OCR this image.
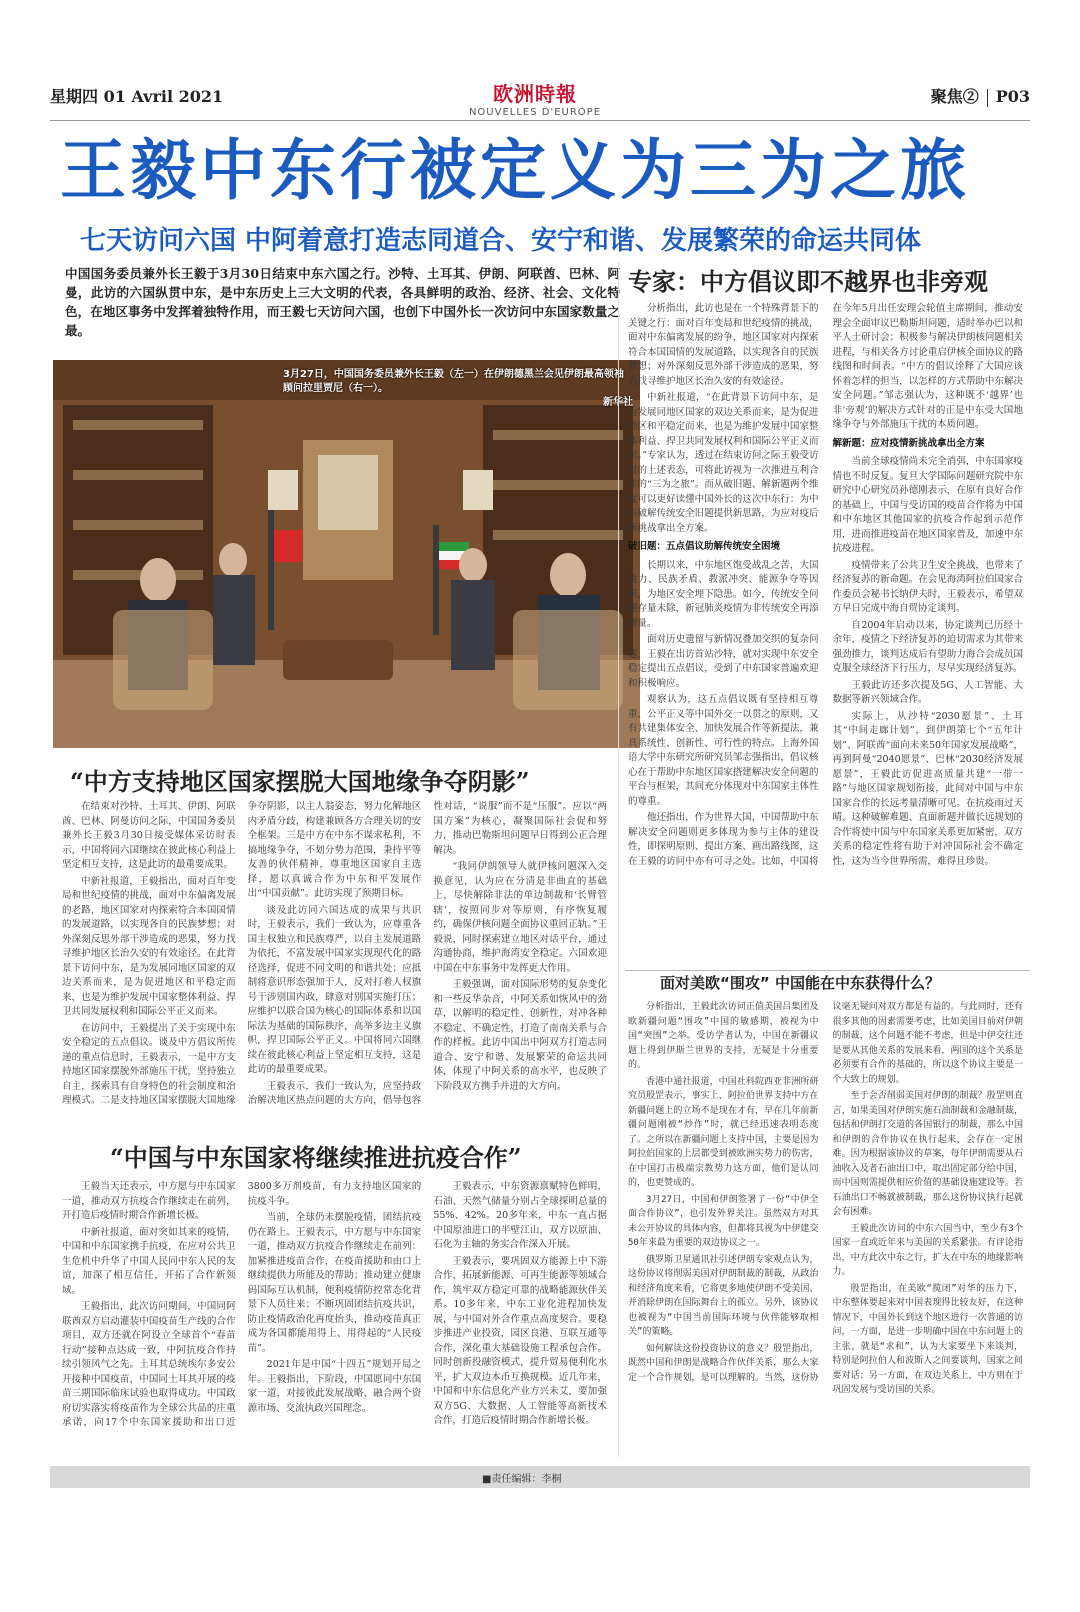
星期四 01 Avril 2021	欧洲時報
NOUVELLES D'EUROPE
聚焦② P03
王毅中东行被定义为三为之旅
七天访问六国 中阿着意打造志同道合、安宁和谐、发展繁荣的命运共同体
中国国务委员兼外长王毅于3月30日结束中东六国之行。沙特、土耳其、伊朗、阿联酋、巴林、阿曼，此访的六国纵贯中东，是中东历史上三大文明的代表，各具鲜明的政治、经济、社会、文化特色，在地区事务中发挥着独特作用，而王毅七天访问六国，也创下中国外长一次访问中东国家数量之最。
3月27日，中国国务委员兼外长王毅（左一）在伊朗德黑兰会见伊朗最高领袖顾问拉里贾尼（右一）。
新华社
“中方支持地区国家摆脱大国地缘争夺阴影”

在结束对沙特、土耳其、伊朗、阿联酋、巴林、阿曼访问之际，中国国务委员兼外长王毅3月30日接受媒体采访时表示，中国将同六国继续在彼此核心利益上坚定相互支持，这是此访的最重要成果。

中新社报道，王毅指出，面对百年变局和世纪疫情的挑战，面对中东偏离发展的老路，地区国家对内探索符合本国国情的发展道路，以实现各自的民族梦想；对外深刻反思外部干涉造成的恶果，努力找寻维护地区长治久安的有效途径。在此背景下访问中东，是为发展同地区国家的双边关系而来，是为促进地区和平稳定而来，也是为维护发展中国家整体利益、捍卫共同发展权利和国际公平正义而来。

在访问中，王毅提出了关于实现中东安全稳定的五点倡议。谈及中方倡议所传递的重点信息时，王毅表示，一是中方支持地区国家摆脱外部施压干扰，坚持独立自主，探索具有自身特色的社会制度和治理模式。二是支持地区国家摆脱大国地缘争夺阴影，以主人翁姿态，努力化解地区内矛盾分歧，构建兼顾各方合理关切的安全框架。三是中方在中东不谋求私利，不搞地缘争夺，不划分势力范围，秉持平等友善的伙伴精神，尊重地区国家自主选择，愿以真诚合作为中东和平发展作出“中国贡献”。此访实现了预期目标。

谈及此访同六国达成的成果与共识时，王毅表示，我们一致认为，应尊重各国主权独立和民族尊严，以自主发展道路为依托，不富发展中国家实现现代化的路径选择，促进不同文明的和谐共处；应抵制将意识形态强加于人，反对打着人权旗号干涉别国内政，肆意对别国实施打压；应维护以联合国为核心的国际体系和以国际法为基础的国际秩序，高举多边主义旗帜，捍卫国际公平正义。中国将同六国继续在彼此核心利益上坚定相互支持，这是此访的最重要成果。

王毅表示，我们一致认为，应坚持政治解决地区热点问题的大方向，倡导包容性对话，“说服”而不是“压服”。应以“两国方案”为核心，凝聚国际社会促和努力，推动巴勒斯坦问题早日得到公正合理解决。

“我同伊朗领导人就伊核问题深入交换意见，认为应在分清是非曲直的基础上，尽快解除非法的单边制裁和‘长臂管辖’，按照同步对等原则，有序恢复履约，确保伊核问题全面协议重回正轨。”王毅说，同时探索建立地区对话平台，通过沟通协商，维护海湾安全稳定。六国欢迎中国在中东事务中发挥更大作用。

王毅强调，面对国际形势的复杂变化和一些反华杂音，中阿关系如恢风中的劲草，以解明的稳定性、创新性，对冲各种不稳定、不确定性，打造了南南关系与合作的样板。此访中国出中阿双方打造志同道合、安宁和谐、发展繁荣的命运共同体，体现了中阿关系的高水平，也反映了下阶段双方携手并进的大方向。

“中国与中东国家将继续推进抗疫合作”

王毅当天还表示，中方愿与中东国家一道，推动双方抗疫合作继续走在前列，开打造后疫情时期合作新增长极。

中新社报道，面对突如其来的疫情，中国和中东国家携手抗疫，在应对公共卫生危机中升华了中国人民同中东人民的友谊，加深了相互信任，开拓了合作新领域。

王毅指出，此次访问期间，中国同阿联酋双方启动灌装中国疫苗生产线的合作项目，双方还就在阿设立全球首个“春苗行动”接种点达成一致，中阿抗疫合作持续引领风气之先。土耳其总统埃尔多安公开接种中国疫苗，中国同土耳其开展的疫苗三期国际临床试验也取得成功。中国政府切实落实将疫苗作为全球公共品的庄重承诺，向17个中东国家援助和出口近3800多万剂疫苗，有力支持地区国家的抗疫斗争。

当前，全球仍未摆脱疫情，团结抗疫仍在路上。王毅表示，中方愿与中东国家一道，推动双方抗疫合作继续走在前列：加紧推进疫苗合作，在疫苗援助和由口上继续提供力所能及的帮助；推动建立健康码国际互认机制，便利疫情防控常态化背景下人员往来；不断巩固团结抗疫共识，防止疫情政治化再度抬头，推动疫苗真正成为各国都能用得上、用得起的“人民疫苗”。

2021年是中国“十四五”规划开局之年。王毅指出，下阶段，中国愿同中东国家一道，对接彼此发展战略、融合两个资源市场、交流执政兴国理念。

王毅表示，中东资源禀赋特色鲜明，石油、天然气储量分别占全球探明总量的55%、42%。20多年来，中东一直占据中国原油进口的半壁江山，双方以原油、石化为主轴的务实合作深入开展。

王毅表示，要巩固双方能源上中下游合作，拓展新能源、可再生能源等领域合作，筑牢双方稳定可靠的战略能源伙伴关系。10多年来，中东工业化进程加快发展，与中国对外合作重点高度契合。要稳步推进产业投资，园区良港、互联互通等合作，深化重大基础设施工程承包合作。同时创新投融资模式，提升贸易便利化水平，扩大双边本币互换规模。近几年来，中国和中东信息化产业方兴未艾，要加强双方5G、大数据、人工智能等高新技术合作，打造后疫情时期合作新增长极。

专家：中方倡议即不越界也非旁观

分析指出，此访也是在一个特殊背景下的关键之行：面对百年变局和世纪疫情的挑战，面对中东偏离发展的纷争，地区国家对内探索符合本国国情的发展道路，以实现各自的民族梦想；对外深刻反思外部干涉造成的恶果，努力找寻维护地区长治久安的有效途径。

中新社报道，“在此背景下访问中东，是为发展同地区国家的双边关系而来，是为促进地区和平稳定而来，也是为维护发展中国家整体利益、捍卫共同发展权利和国际公平正义而来。”专家认为，透过在结束访问之际王毅受访时的上述表态，可将此访视为一次推进互利合作的“三为之旅”。而从破旧题、解新题两个维度可以更好读懂中国外长的这次中东行：为中东破解传统安全旧题提供新思路，为应对疫后新挑战拿出全方案。

破旧题：五点倡议助解传统安全困境

长期以来，中东地区饱受战乱之苦，大国角力、民族矛盾、教派冲突、能源争夺等因素，为地区安全埋下隐患。如今，传统安全问题存量未除，新冠肺炎疫情为非传统安全再添增量。

面对历史遗留与新情况叠加交织的复杂问题，王毅在出访首站沙特，就对实现中东安全稳定提出五点倡议，受到了中东国家普遍欢迎和积极响应。

观察认为，这五点倡议既有坚持相互尊重、公平正义等中国外交一以贯之的原则，又有共建集体安全、加快发展合作等新提法，兼具系统性、创新性、可行性的特点。上海外国语大学中东研究所研究员邹志强指出，倡议核心在于帮助中东地区国家搭建解决安全问题的平台与框架，其间充分体现对中东国家主体性的尊重。

他还指出，作为世界大国，中国帮助中东解决安全问题则更多体现为参与主体的建设性，即探明原则、提出方案、画出路线图，这在王毅的访问中亦有可寻之处。比如，中国将在今年5月出任安理会轮值主席期间，推动安理会全面审议巴勒斯坦问题，适时举办巴以和平人士研讨会；积极参与解决伊朗核问题相关进程，与相关各方讨论重启伊核全面协议的路线图和时间表。“中方的倡议诠释了大国应该怀着怎样的担当，以怎样的方式帮助中东解决安全问题。”邹志强认为，这种既不‘越界’也非‘旁观’的解决方式针对的正是中东受大国地缘争夺与外部施压干扰的本质问题。

解新题：应对疫情新挑战拿出全方案

当前全球疫情尚未完全消弭，中东国家疫情也不时反复。复旦大学国际问题研究院中东研究中心研究员孙德刚表示，在原有良好合作的基础上，中国与受访国的疫苗合作将为中国和中东地区其他国家的抗疫合作起到示范作用，进而推进疫苗在地区国家普及，加速中东抗疫进程。

疫情带来了公共卫生安全挑战，也带来了经济复苏的新命题。在会见海湾阿拉伯国家合作委员会秘书长纳伊夫时，王毅表示，希望双方早日完成中海自贸协定谈判。

自2004年启动以来，协定谈判已历经十余年，疫情之下经济复苏的迫切需求为其带来强劲推力，谈判达成后有望助力海合会成员国克服全球经济下行压力，尽早实现经济复苏。

王毅此访还多次提及5G、人工智能、大数据等新兴领域合作。

实际上，从沙特“2030愿景”、土耳其“中间走廊计划”，到伊朗第七个“五年计划”、阿联酋“面向未来50年国家发展战略”，再到阿曼“2040愿景”、巴林“2030经济发展愿景”，王毅此访促进高质量共建“一带一路”与地区国家规划衔接，此间对中国与中东国家合作的长远考量清晰可见。在抗疫雨过天晴、这种破解难题、直面新题并做长远规划的合作将使中国与中东国家关系更加紧密，双方关系的稳定性将有助于对冲国际社会不确定性，这为当今世界所需，难得且珍贵。

面对美欧“围攻” 中国能在中东获得什么？

分析指出，王毅此次访问正值美国吕集团及欧新疆问题“围攻”中国的敏感期，被视为中国“突围”之举。受访学者认为，中国在新疆议题上得到伊斯兰世界的支持，无疑是十分重要的。

香港中通社报道，中国社科院西亚非洲所研究员殷罡表示，事实上，阿拉伯世界支持中方在新疆问题上的立场不是现在才有，早在几年前新疆问题刚被“炒作”时，就已经迅速表明态度了。之所以在新疆问题上支持中国，主要是因为阿拉伯国家的上层都受到被欧洲实势力的伤害，在中国打击极端宗教势力这方面，他们是认同的，也更赞成的。

3月27日，中国和伊朗签署了一份“中伊全面合作协议”，也引发外界关注。虽然双方对其未公开协议的具体内容，但都将其视为中伊建交50年来最为重要的双边协议之一。

俄罗斯卫星通讯社引述伊朗专家观点认为，这份协议将削弱美国对伊朗制裁的制裁，从政治和经济角度来看，它将更多地使伊朗不受美国、并消除伊朗在国际舞台上的孤立。另外，该协议也被视为“中国当前国际环境与伙伴能够取相关”的策略。

如何解读这份投资协议的意义？殷罡指出，既然中国和伊朗是战略合作伙伴关系，那么大家定一个合作规划，是可以理解的。当然，这份协议毫无疑问对双方都是有益的。与此同时，还有很多其他的因素需要考虑，比如美国目前对伊朝的制裁，这个问题不能不考虑，但是中伊交往还是要从其他关系的发展来看，两国的这个关系是必须要有合作的基础的，所以这个协议主要是一个大致上的规划。

至于会否削弱美国对伊朗的制裁？殷罡则直言，如果美国对伊朗实施石油制裁和金融制裁，包括和伊朗打交道的各国银行的制裁，那么中国和伊朗的合作协议在执行起来，会存在一定困难。因为根据该协议的草案，每年伊朗需要从石油收入及者石油出口中，取出固定部分给中国，而中国则需提供相应价值的基础设施建设等。若石油出口不畅就被制裁，那么这份协议执行起就会有困难。

王毅此次访问的中东六国当中，至少有3个国家一直或近年来与美国的关系紧张。有评论指出，中方此次中东之行，扩大在中东的地缘影响力。

殷罡指出，在美欧“揽闭”对华的压力下，中东整体要起来对中国表现得比较友好，在这种情况下，中国外长到这个地区进行一次普通的访问，一方面，是进一步明确中国在中东问题上的主张，就是“求和”，认为大家要坐下来谈判，特别是阿拉伯人和波斯人之间要谈判，国家之间要对话；另一方面，在双边关系上，中方则在于巩固发展与受访国的关系。

■责任编辑：李桐
